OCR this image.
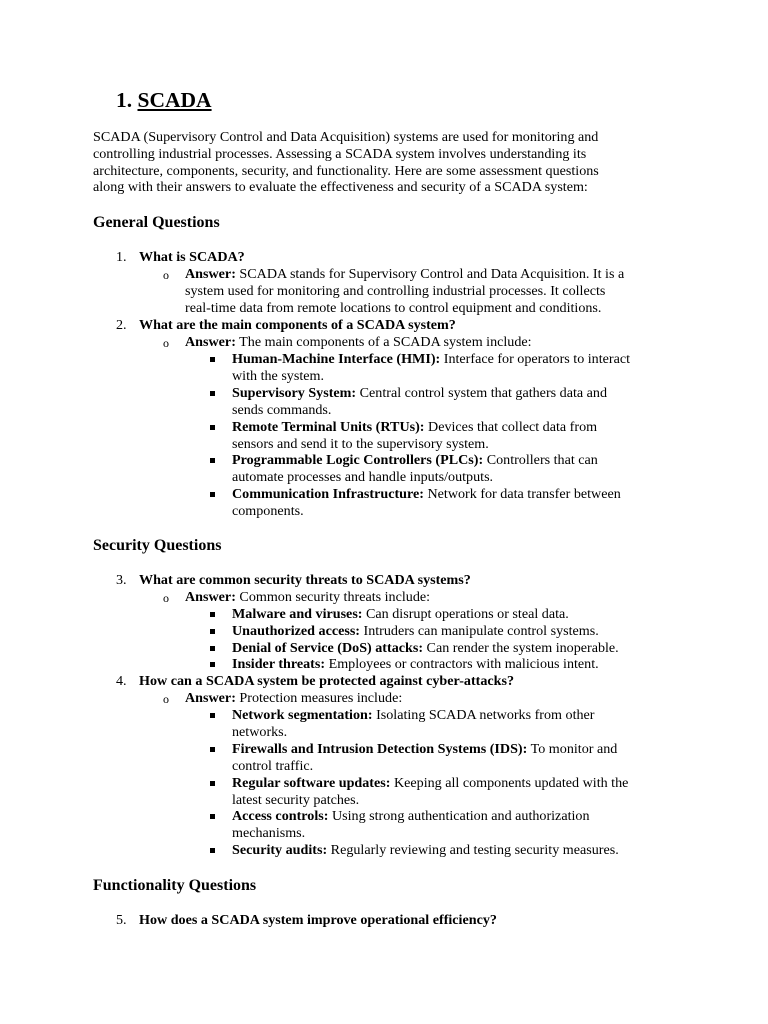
1. SCADA
SCADA (Supervisory Control and Data Acquisition) systems are used for monitoring and
controlling industrial processes. Assessing a SCADA system involves understanding its
architecture, components, security, and functionality. Here are some assessment questions
along with their answers to evaluate the effectiveness and security of a SCADA system:
General Questions
1. What is SCADA?
o Answer: SCADA stands for Supervisory Control and Data Acquisition. It is a
system used for monitoring and controlling industrial processes. It collects
real-time data from remote locations to control equipment and conditions.
2. What are the main components of a SCADA system?
o Answer: The main components of a SCADA system include:
Human-Machine Interface (HMI): Interface for operators to interact
with the system.
Supervisory System: Central control system that gathers data and
sends commands.
Remote Terminal Units (RTUs): Devices that collect data from
sensors and send it to the supervisory system.
Programmable Logic Controllers (PLCs): Controllers that can
automate processes and handle inputs/outputs.
Communication Infrastructure: Network for data transfer between
components.
Security Questions
3. What are common security threats to SCADA systems?
o Answer: Common security threats include:
Malware and viruses: Can disrupt operations or steal data.
Unauthorized access: Intruders can manipulate control systems.
Denial of Service (DoS) attacks: Can render the system inoperable.
Insider threats: Employees or contractors with malicious intent.
4. How can a SCADA system be protected against cyber-attacks?
o Answer: Protection measures include:
Network segmentation: Isolating SCADA networks from other
networks.
Firewalls and Intrusion Detection Systems (IDS): To monitor and
control traffic.
Regular software updates: Keeping all components updated with the
latest security patches.
Access controls: Using strong authentication and authorization
mechanisms.
Security audits: Regularly reviewing and testing security measures.
Functionality Questions
5. How does a SCADA system improve operational efficiency?
